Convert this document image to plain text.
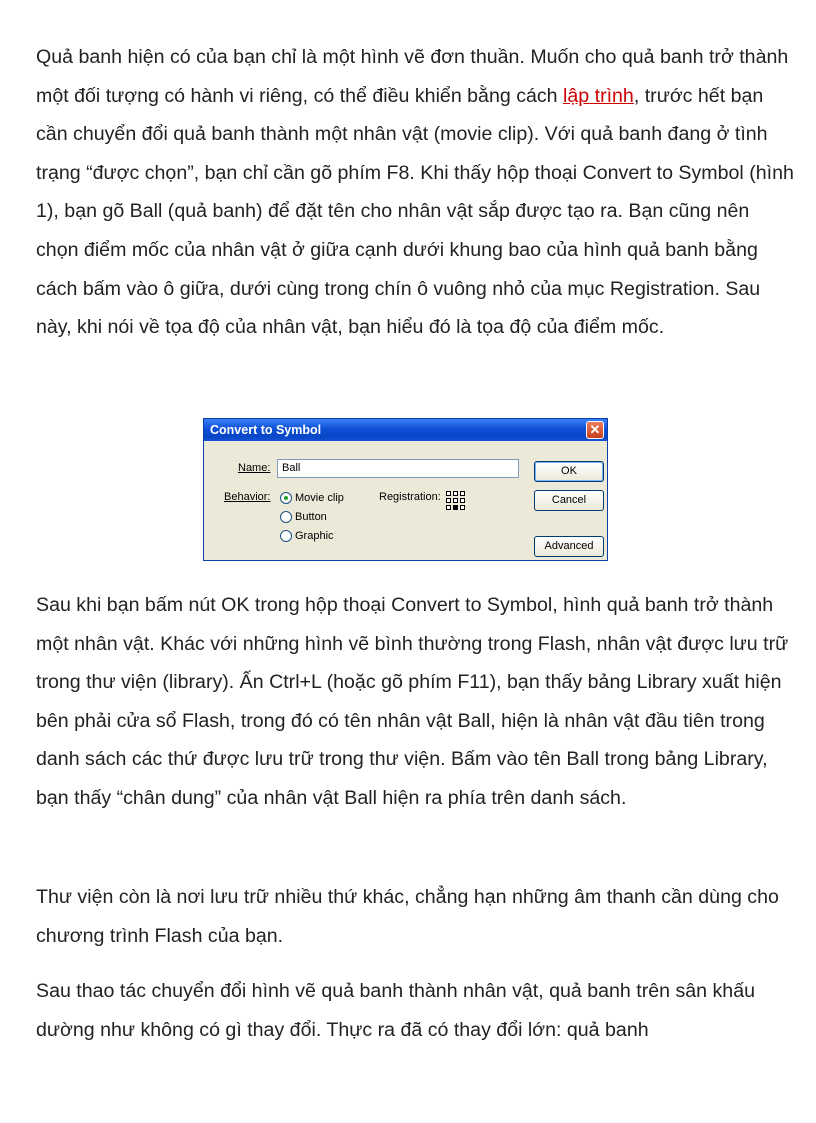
Quả banh hiện có của bạn chỉ là một hình vẽ đơn thuần. Muốn cho quả banh trở thành một đối tượng có hành vi riêng, có thể điều khiển bằng cách lập trình, trước hết bạn cần chuyển đổi quả banh thành một nhân vật (movie clip). Với quả banh đang ở tình trạng “được chọn”, bạn chỉ cần gõ phím F8. Khi thấy hộp thoại Convert to Symbol (hình 1), bạn gõ Ball (quả banh) để đặt tên cho nhân vật sắp được tạo ra. Bạn cũng nên chọn điểm mốc của nhân vật ở giữa cạnh dưới khung bao của hình quả banh bằng cách bấm vào ô giữa, dưới cùng trong chín ô vuông nhỏ của mục Registration. Sau này, khi nói về tọa độ của nhân vật, bạn hiểu đó là tọa độ của điểm mốc.

Convert to Symbol	✕
Name:	Ball
Behavior: Movie clip
Button
Graphic
Registration:
OK
Cancel
Advanced

Sau khi bạn bấm nút OK trong hộp thoại Convert to Symbol, hình quả banh trở thành một nhân vật. Khác với những hình vẽ bình thường trong Flash, nhân vật được lưu trữ trong thư viện (library). Ấn Ctrl+L (hoặc gõ phím F11), bạn thấy bảng Library xuất hiện bên phải cửa sổ Flash, trong đó có tên nhân vật Ball, hiện là nhân vật đầu tiên trong danh sách các thứ được lưu trữ trong thư viện. Bấm vào tên Ball trong bảng Library, bạn thấy “chân dung” của nhân vật Ball hiện ra phía trên danh sách.

Thư viện còn là nơi lưu trữ nhiều thứ khác, chẳng hạn những âm thanh cần dùng cho chương trình Flash của bạn.

Sau thao tác chuyển đổi hình vẽ quả banh thành nhân vật, quả banh trên sân khấu dường như không có gì thay đổi. Thực ra đã có thay đổi lớn: quả banh
